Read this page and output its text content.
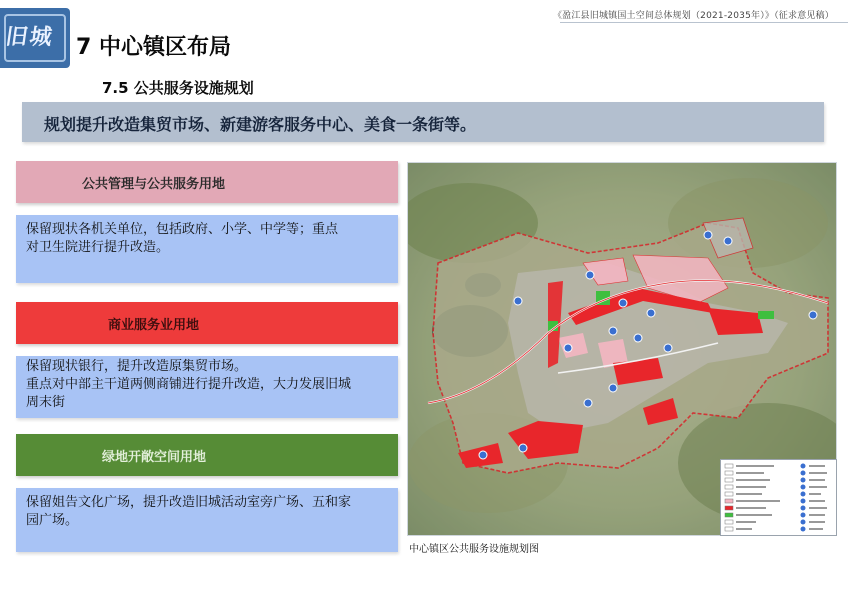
《盈江县旧城镇国土空间总体规划（2021-2035年）》（征求意见稿）
旧城 7 中心镇区布局
7.5 公共服务设施规划
规划提升改造集贸市场、新建游客服务中心、美食一条街等。
公共管理与公共服务用地
保留现状各机关单位，包括政府、小学、中学等；重点
对卫生院进行提升改造。
商业服务业用地
保留现状银行，提升改造原集贸市场。
重点对中部主干道两侧商铺进行提升改造，大力发展旧城
周末街
绿地开敞空间用地
保留姐告文化广场，提升改造旧城活动室旁广场、五和家
园广场。
中心镇区公共服务设施规划图
